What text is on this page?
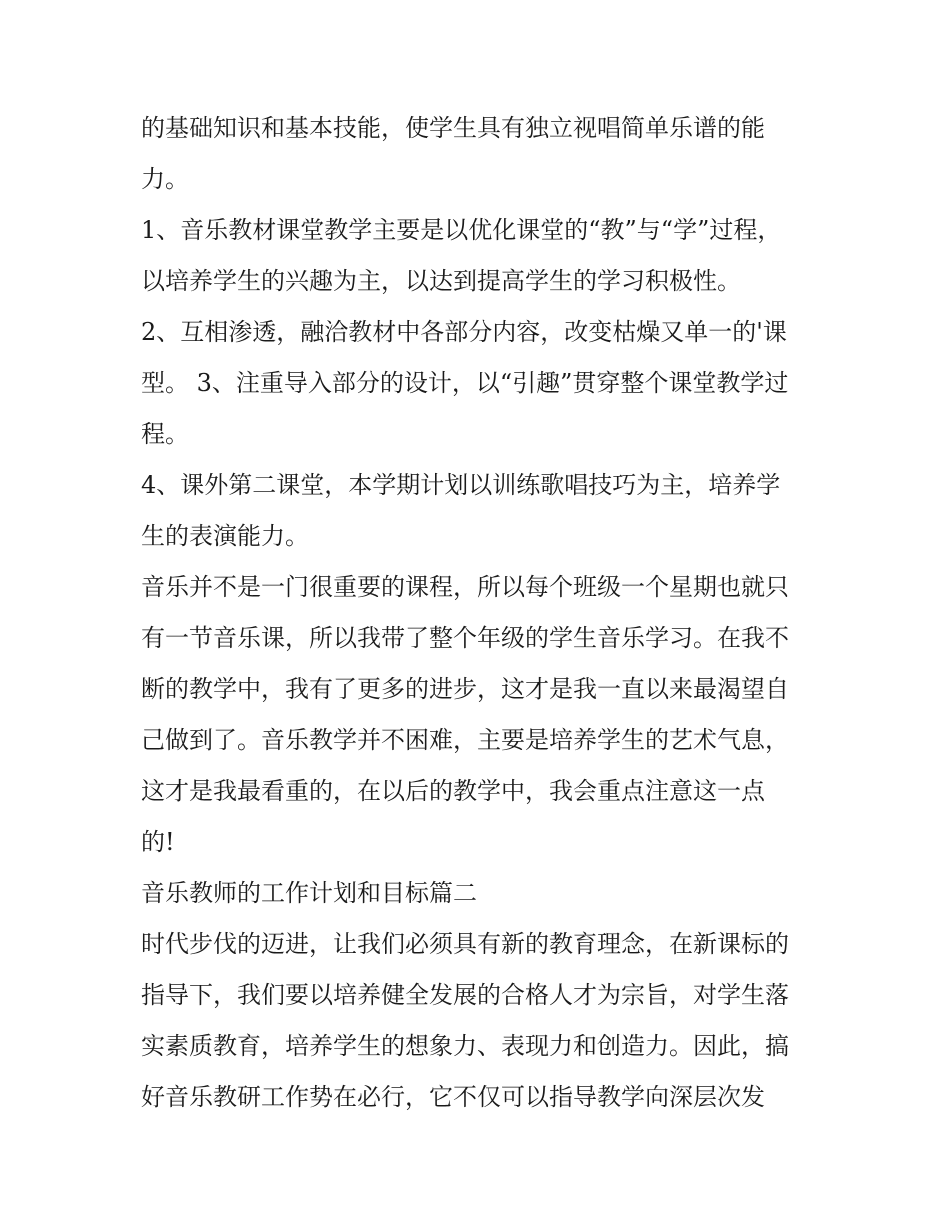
的基础知识和基本技能，使学生具有独立视唱简单乐谱的能
力。
1、音乐教材课堂教学主要是以优化课堂的“教”与“学”过程，
以培养学生的兴趣为主，以达到提高学生的学习积极性。
2、互相渗透，融洽教材中各部分内容，改变枯燥又单一的'课
型。 3、注重导入部分的设计，以“引趣”贯穿整个课堂教学过
程。
4、课外第二课堂，本学期计划以训练歌唱技巧为主，培养学
生的表演能力。
音乐并不是一门很重要的课程，所以每个班级一个星期也就只
有一节音乐课，所以我带了整个年级的学生音乐学习。在我不
断的教学中，我有了更多的进步，这才是我一直以来最渴望自
己做到了。音乐教学并不困难，主要是培养学生的艺术气息，
这才是我最看重的，在以后的教学中，我会重点注意这一点
的!
音乐教师的工作计划和目标篇二
时代步伐的迈进，让我们必须具有新的教育理念，在新课标的
指导下，我们要以培养健全发展的合格人才为宗旨，对学生落
实素质教育，培养学生的想象力、表现力和创造力。因此，搞
好音乐教研工作势在必行，它不仅可以指导教学向深层次发
